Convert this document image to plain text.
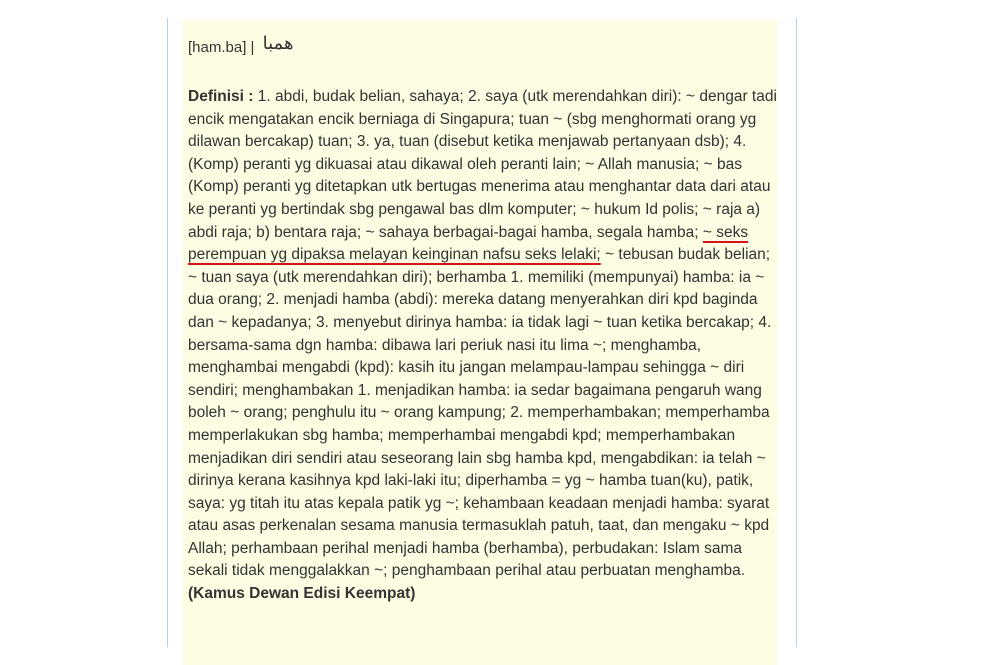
[ham.ba] | همبا
Definisi : 1. abdi, budak belian, sahaya; 2. saya (utk merendahkan diri): ~ dengar tadi encik mengatakan encik berniaga di Singapura; tuan ~ (sbg menghormati orang yg dilawan bercakap) tuan; 3. ya, tuan (disebut ketika menjawab pertanyaan dsb); 4. (Komp) peranti yg dikuasai atau dikawal oleh peranti lain; ~ Allah manusia; ~ bas (Komp) peranti yg ditetapkan utk bertugas menerima atau menghantar data dari atau ke peranti yg bertindak sbg pengawal bas dlm komputer; ~ hukum Id polis; ~ raja a) abdi raja; b) bentara raja; ~ sahaya berbagai-bagai hamba, segala hamba; ~ seks perempuan yg dipaksa melayan keinginan nafsu seks lelaki; ~ tebusan budak belian; ~ tuan saya (utk merendahkan diri); berhamba 1. memiliki (mempunyai) hamba: ia ~ dua orang; 2. menjadi hamba (abdi): mereka datang menyerahkan diri kpd baginda dan ~ kepadanya; 3. menyebut dirinya hamba: ia tidak lagi ~ tuan ketika bercakap; 4. bersama-sama dgn hamba: dibawa lari periuk nasi itu lima ~; menghamba, menghambai mengabdi (kpd): kasih itu jangan melampau-lampau sehingga ~ diri sendiri; menghambakan 1. menjadikan hamba: ia sedar bagaimana pengaruh wang boleh ~ orang; penghulu itu ~ orang kampung; 2. memperhambakan; memperhamba memperlakukan sbg hamba; memperhambai mengabdi kpd; memperhambakan menjadikan diri sendiri atau seseorang lain sbg hamba kpd, mengabdikan: ia telah ~ dirinya kerana kasihnya kpd laki-laki itu; diperhamba = yg ~ hamba tuan(ku), patik, saya: yg titah itu atas kepala patik yg ~; kehambaan keadaan menjadi hamba: syarat atau asas perkenalan sesama manusia termasuklah patuh, taat, dan mengaku ~ kpd Allah; perhambaan perihal menjadi hamba (berhamba), perbudakan: Islam sama sekali tidak menggalakkan ~; penghambaan perihal atau perbuatan menghamba. (Kamus Dewan Edisi Keempat)
